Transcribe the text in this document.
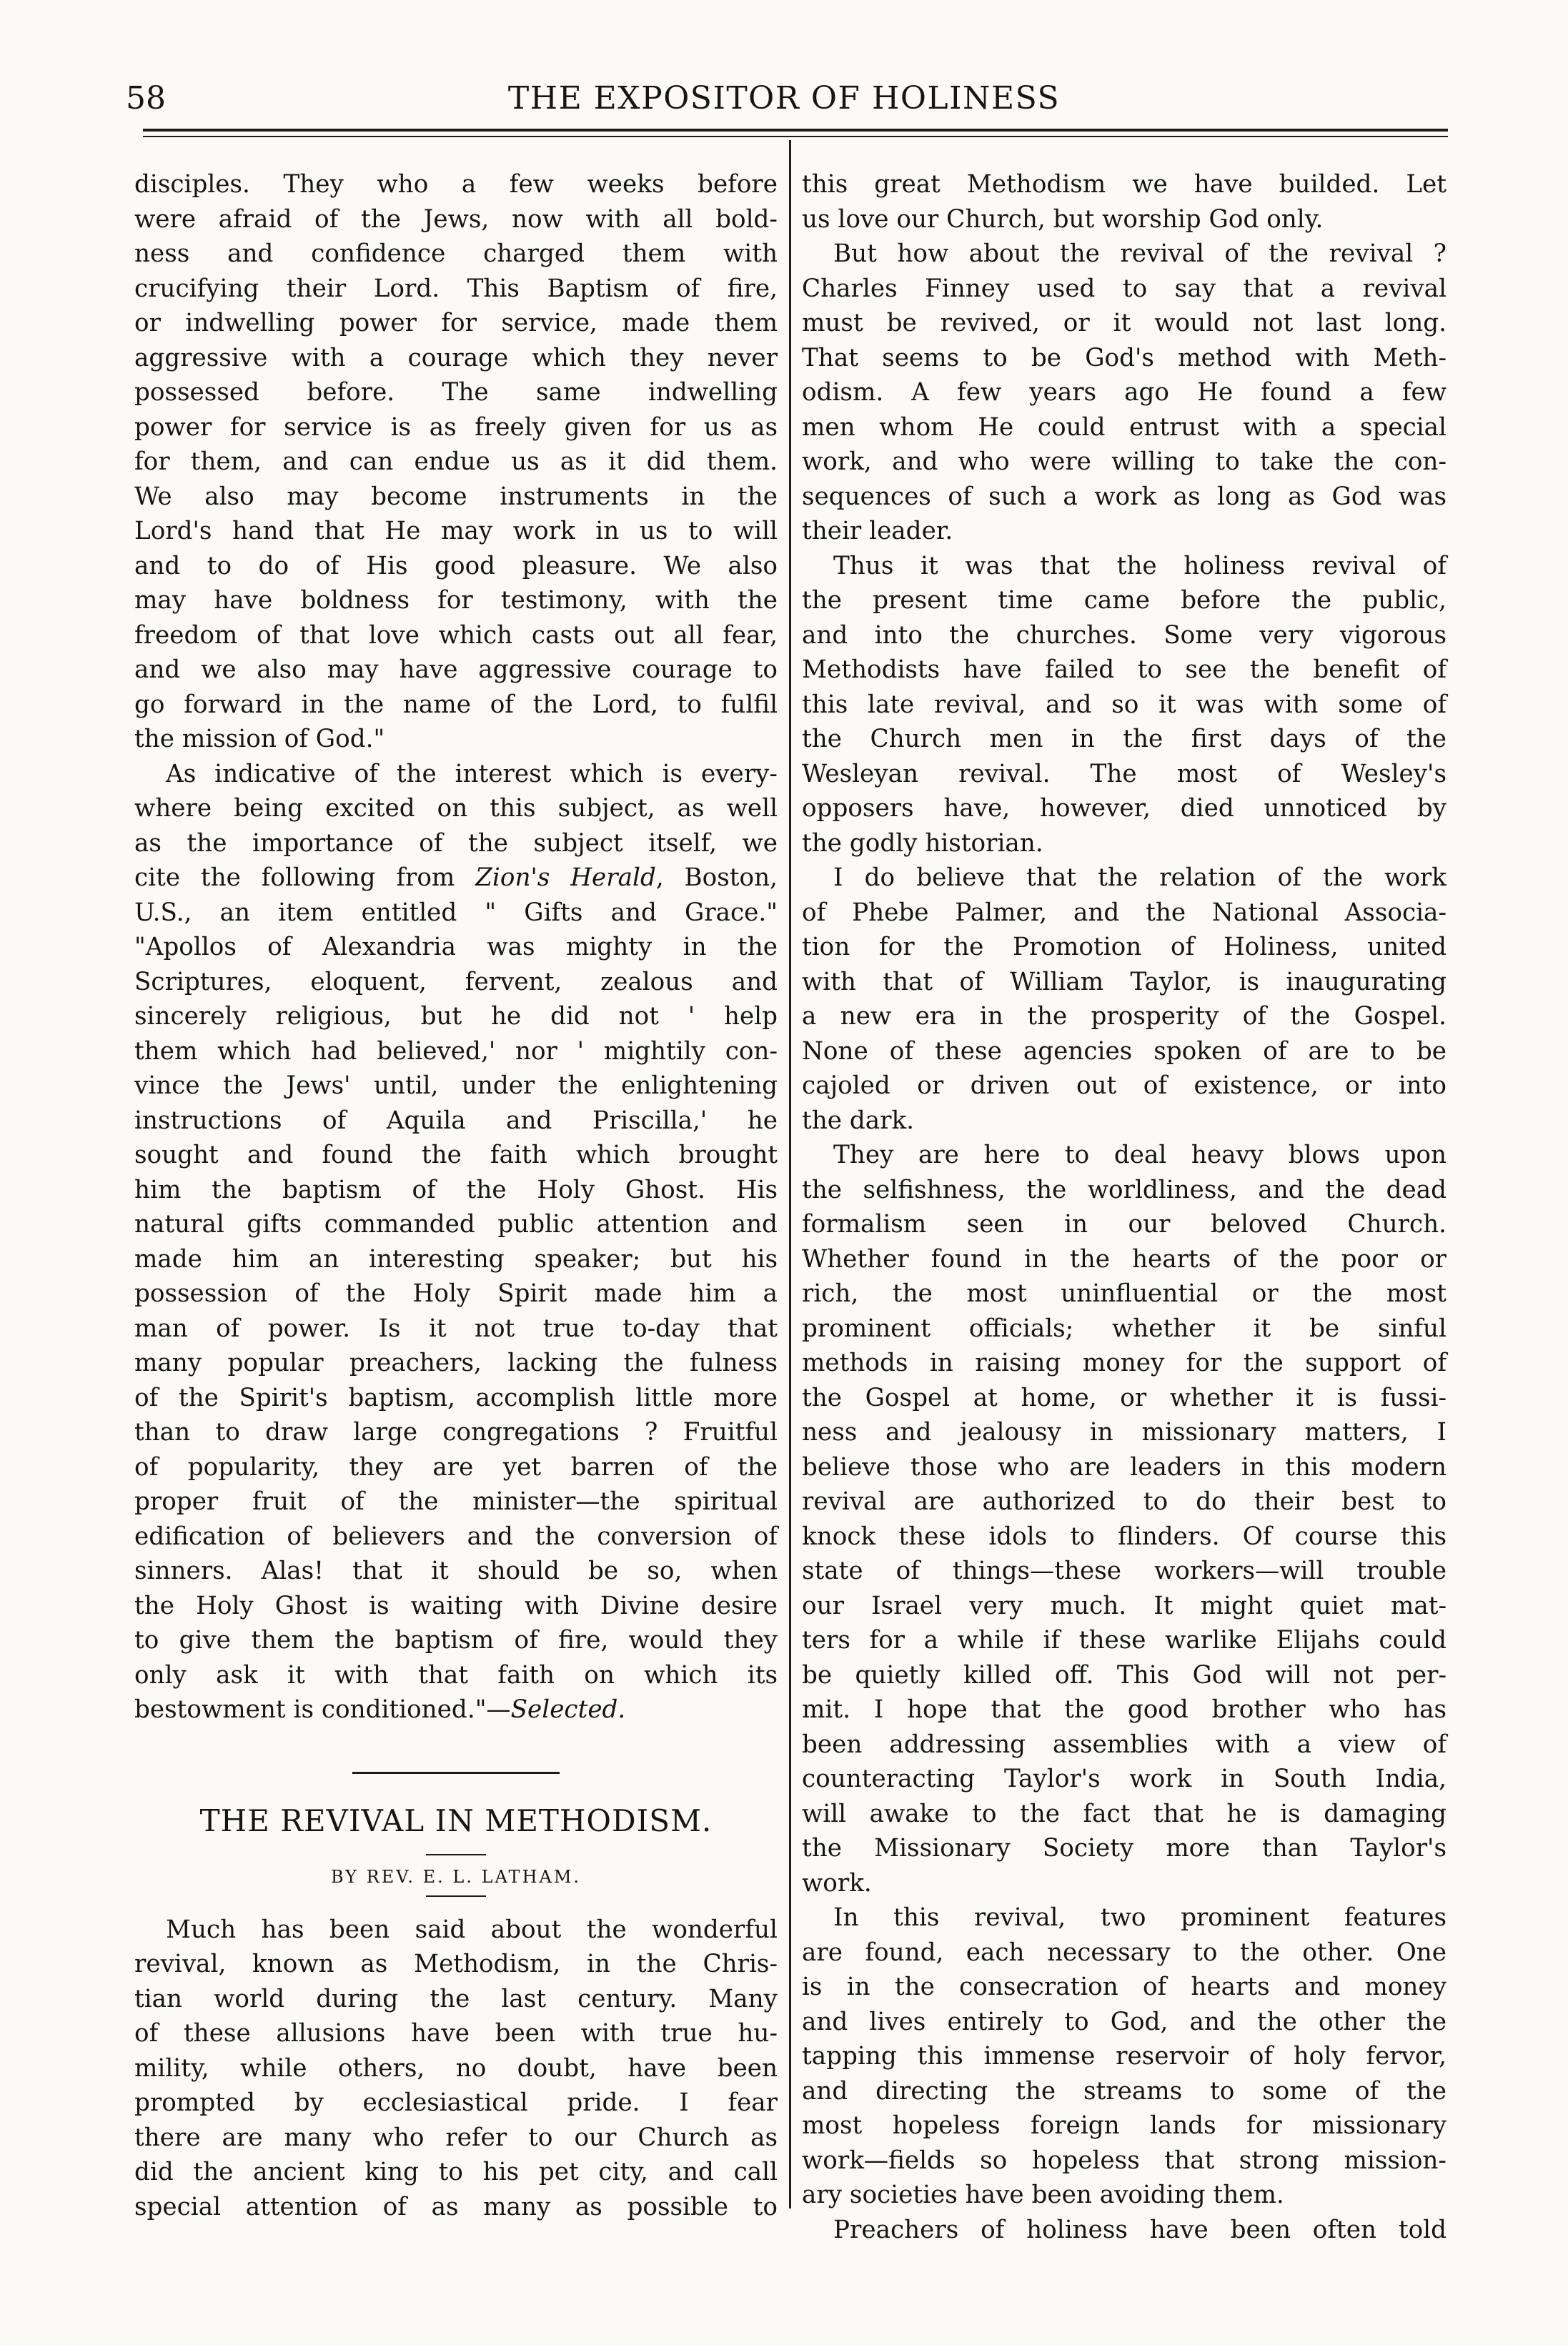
58	THE EXPOSITOR OF HOLINESS
disciples. They who a few weeks before
were afraid of the Jews, now with all bold-
ness and confidence charged them with
crucifying their Lord. This Baptism of fire,
or indwelling power for service, made them
aggressive with a courage which they never
possessed before. The same indwelling
power for service is as freely given for us as
for them, and can endue us as it did them.
We also may become instruments in the
Lord's hand that He may work in us to will
and to do of His good pleasure. We also
may have boldness for testimony, with the
freedom of that love which casts out all fear,
and we also may have aggressive courage to
go forward in the name of the Lord, to fulfil
the mission of God."
As indicative of the interest which is every-
where being excited on this subject, as well
as the importance of the subject itself, we
cite the following from Zion's Herald, Boston,
U.S., an item entitled " Gifts and Grace."
"Apollos of Alexandria was mighty in the
Scriptures, eloquent, fervent, zealous and
sincerely religious, but he did not ' help
them which had believed,' nor ' mightily con-
vince the Jews' until, under the enlightening
instructions of Aquila and Priscilla,' he
sought and found the faith which brought
him the baptism of the Holy Ghost. His
natural gifts commanded public attention and
made him an interesting speaker; but his
possession of the Holy Spirit made him a
man of power. Is it not true to-day that
many popular preachers, lacking the fulness
of the Spirit's baptism, accomplish little more
than to draw large congregations ? Fruitful
of popularity, they are yet barren of the
proper fruit of the minister—the spiritual
edification of believers and the conversion of
sinners. Alas! that it should be so, when
the Holy Ghost is waiting with Divine desire
to give them the baptism of fire, would they
only ask it with that faith on which its
bestowment is conditioned."—Selected.
THE REVIVAL IN METHODISM.
BY REV. E. L. LATHAM.
Much has been said about the wonderful
revival, known as Methodism, in the Chris-
tian world during the last century. Many
of these allusions have been with true hu-
mility, while others, no doubt, have been
prompted by ecclesiastical pride. I fear
there are many who refer to our Church as
did the ancient king to his pet city, and call
special attention of as many as possible to
this great Methodism we have builded. Let
us love our Church, but worship God only.
But how about the revival of the revival ?
Charles Finney used to say that a revival
must be revived, or it would not last long.
That seems to be God's method with Meth-
odism. A few years ago He found a few
men whom He could entrust with a special
work, and who were willing to take the con-
sequences of such a work as long as God was
their leader.
Thus it was that the holiness revival of
the present time came before the public,
and into the churches. Some very vigorous
Methodists have failed to see the benefit of
this late revival, and so it was with some of
the Church men in the first days of the
Wesleyan revival. The most of Wesley's
opposers have, however, died unnoticed by
the godly historian.
I do believe that the relation of the work
of Phebe Palmer, and the National Associa-
tion for the Promotion of Holiness, united
with that of William Taylor, is inaugurating
a new era in the prosperity of the Gospel.
None of these agencies spoken of are to be
cajoled or driven out of existence, or into
the dark.
They are here to deal heavy blows upon
the selfishness, the worldliness, and the dead
formalism seen in our beloved Church.
Whether found in the hearts of the poor or
rich, the most uninfluential or the most
prominent officials; whether it be sinful
methods in raising money for the support of
the Gospel at home, or whether it is fussi-
ness and jealousy in missionary matters, I
believe those who are leaders in this modern
revival are authorized to do their best to
knock these idols to flinders. Of course this
state of things—these workers—will trouble
our Israel very much. It might quiet mat-
ters for a while if these warlike Elijahs could
be quietly killed off. This God will not per-
mit. I hope that the good brother who has
been addressing assemblies with a view of
counteracting Taylor's work in South India,
will awake to the fact that he is damaging
the Missionary Society more than Taylor's
work.
In this revival, two prominent features
are found, each necessary to the other. One
is in the consecration of hearts and money
and lives entirely to God, and the other the
tapping this immense reservoir of holy fervor,
and directing the streams to some of the
most hopeless foreign lands for missionary
work—fields so hopeless that strong mission-
ary societies have been avoiding them.
Preachers of holiness have been often told
